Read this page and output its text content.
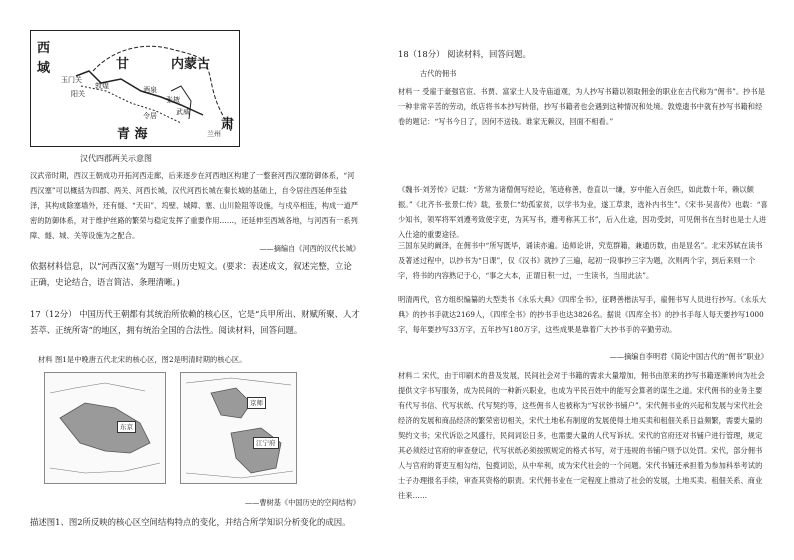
西
域	甘	内蒙古
青 海
肃
玉门关
阳关
敦煌	酒泉
张掖
武威
令居
兰州
汉代四郡两关示意图
汉武帝时期，西汉王朝成功开拓河西走廊，后来逐步在河西地区构建了一整套河西汉塞防御体系，“河西汉塞”可以概括为四郡、两关、河西长城，汉代河西长城在秦长城的基础上，自令居往西延伸至盐泽，其构成除塞墙外，还有燧、“天田”、坞壁、城障、塞、山川险阻等设施，与戍卒相连，构成一道严密的防御体系，对于维护丝路的繁荣与稳定发挥了重要作用……，还延伸至西域各地，与河西有一系列障、燧、城、关等设施为之配合。
——摘编自《河西的汉代长城》
依据材料信息，以“河西汉塞”为题写一则历史短文。(要求：表述成文，叙述完整，立论正确，史论结合，语言简洁、条理清晰。)
17（12分） 中国历代王朝都有其统治所依赖的核心区，它是“兵甲所出、财赋所聚、人才荟萃、正统所寄”的地区，拥有统治全国的合法性。阅读材料，回答问题。
材料 图1是中晚唐五代北宋的核心区，图2是明清时期的核心区。
东京
京师
江宁府
——曹树基《中国历史的空间结构》
描述图1、图2所反映的核心区空间结构特点的变化，并结合所学知识分析变化的成因。
18（18分） 阅读材料，回答问题。
古代的佣书
材料一 受雇于豪强官宦、书贾、富家士人及寺庙道观，为人抄写书籍以领取佣金的职业在古代称为“佣书”。抄书是一种非常辛苦的劳动，纸店将书本抄写转借，抄写书籍者也会遇到这种情况和处境。敦煌遗书中就有抄写书籍和经卷的题记：“写书今日了，因何不送钱。谁家无赖汉，回面不相看。”
《魏书·刘芳传》记载：“芳常为诸僧佣写经论，笔迹称善，卷直以一缣，岁中能入百余匹，如此数十年，赖以颇振。”《北齐书·张景仁传》载，张景仁“幼孤家贫，以学书为业，遂工草隶，选补内书生”。《宋书·吴喜传》也载：“喜少知书，领军将军刘遵考致使字吏，为其写书，遵考称其工书”，后入仕途，因功受封，可见佣书在当时也是士人进入仕途的重要途径。
三国东吴的阚泽，在佣书中“所写既毕，诵读亦遍。追师论讲，究览群籍，兼通历数，由是显名”。北宋苏轼在读书及著述过程中，以抄书为“日课”，仅《汉书》就抄了三遍，起初一段事抄三字为题，次则两个字，到后来则一个字，将书的内容熟记于心，“事之大本，正谓日积一过，一生读书，当用此法”。
明清两代，官方组织编纂的大型类书《永乐大典》《四库全书》，征聘善楷法写手，雇佣书写人员进行抄写。《永乐大典》的抄书手就达2169人，《四库全书》的抄书手也达3826名。据说《四库全书》的抄书手每人每天要抄写1000字，每年要抄写33万字，五年抄写180万字，这些成果是靠着广大抄书手的辛勤劳动。
——摘编自李明君《简论中国古代的“佣书”职业》
材料二 宋代，由于印刷术的普及发展，民间社会对于书籍的需求大量增加，佣书由原来的抄写书籍逐渐转向为社会提供文字书写服务，成为民间的一种新兴职业，也成为平民百姓中的能写会算者的谋生之道。宋代佣书的业务主要有代写书信、代写状纸、代写契约等，这些佣书人也被称为“写状钞书铺户”。宋代佣书业的兴起和发展与宋代社会经济的发展和商品经济的繁荣密切相关，宋代土地私有制度的发展使得土地买卖和租佃关系日益频繁，需要大量的契约文书；宋代诉讼之风盛行，民间词讼日多，也需要大量的人代写诉状。宋代的官府还对书铺户进行管理，规定其必须经过官府的审查登记，代写状纸必须按照规定的格式书写，对于违规的书铺户则予以处罚。宋代，部分佣书人与官府的胥吏互相勾结，包揽词讼，从中牟利，成为宋代社会的一个问题。宋代书铺还承担着为参加科举考试的士子办理报名手续，审查其资格的职责。宋代佣书业在一定程度上推动了社会的发展，土地买卖、租佃关系、商业往来……
